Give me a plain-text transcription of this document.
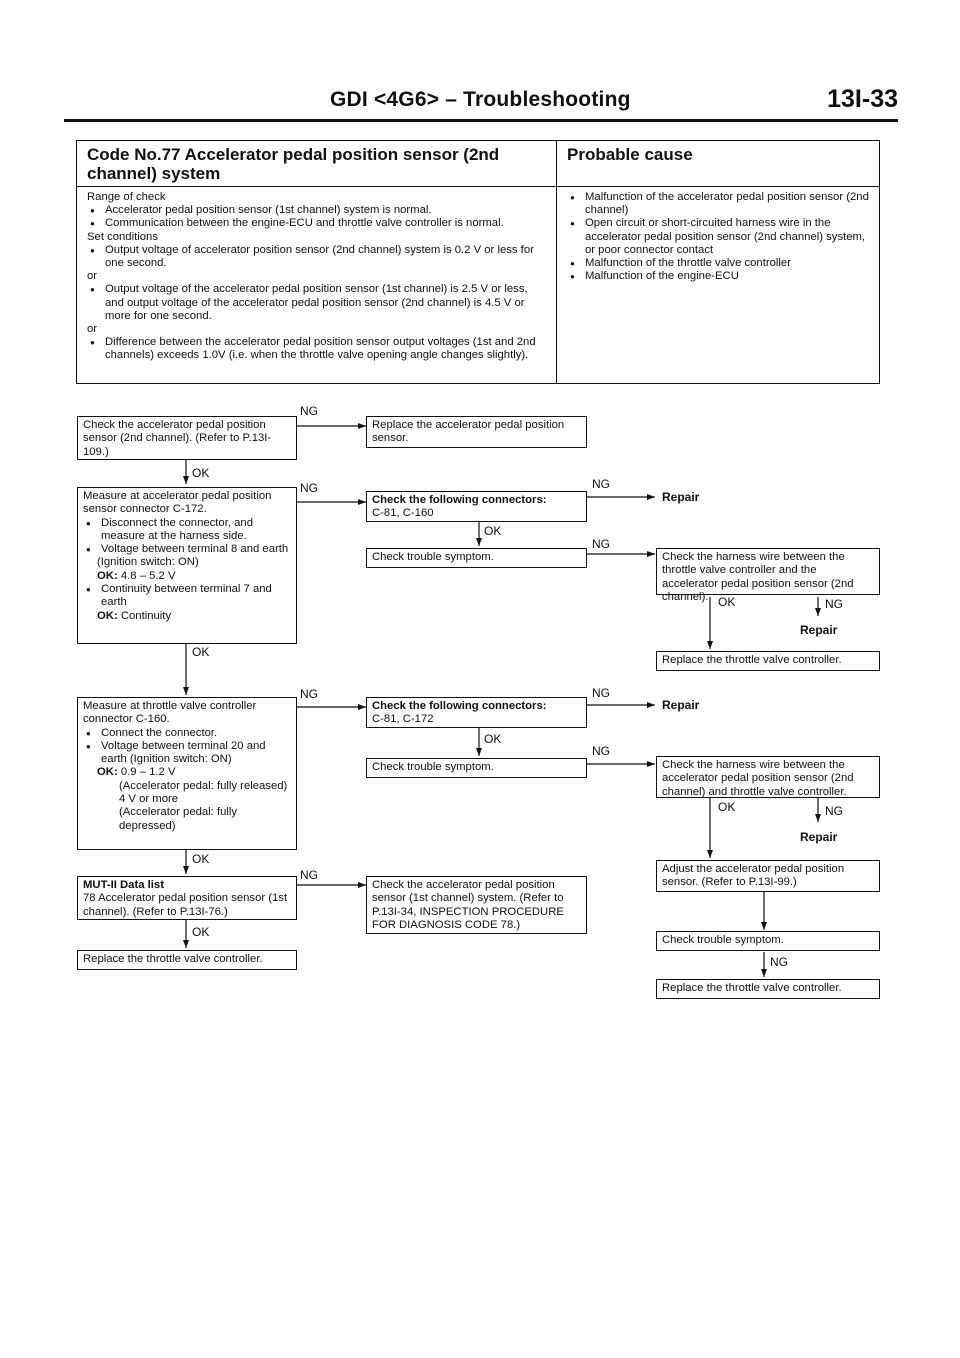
GDI <4G6> – Troubleshooting	13I-33
Code No.77 Accelerator pedal position sensor (2nd channel) system
Probable cause
Range of check
● Accelerator pedal position sensor (1st channel) system is normal.
● Communication between the engine-ECU and throttle valve controller is normal.
Set conditions
● Output voltage of accelerator position sensor (2nd channel) system is 0.2 V or less for one second.
or
● Output voltage of the accelerator pedal position sensor (1st channel) is 2.5 V or less, and output voltage of the accelerator pedal position sensor (2nd channel) is 4.5 V or more for one second.
or
● Difference between the accelerator pedal position sensor output voltages (1st and 2nd channels) exceeds 1.0V (i.e. when the throttle valve opening angle changes slightly).
● Malfunction of the accelerator pedal position sensor (2nd channel)
● Open circuit or short-circuited harness wire in the accelerator pedal position sensor (2nd channel) system, or poor connector contact
● Malfunction of the throttle valve controller
● Malfunction of the engine-ECU
NG
OK
NG	NG
OK
NG
OK	NG
OK
NG	NG
OK
NG
OK	NG
OK
NG
OK
NG
Repair
Repair
Repair
Repair
Check the accelerator pedal position sensor (2nd channel). (Refer to P.13I-109.)
Measure at accelerator pedal position sensor connector C-172.
● Disconnect the connector, and measure at the harness side.
● Voltage between terminal 8 and earth
(Ignition switch: ON)
OK: 4.8 – 5.2 V
● Continuity between terminal 7 and earth
OK: Continuity
Measure at throttle valve controller connector C-160.
● Connect the connector.
● Voltage between terminal 20 and earth (Ignition switch: ON)
OK: 0.9 – 1.2 V
(Accelerator pedal: fully released)
4 V or more
(Accelerator pedal: fully depressed)
MUT-II Data list
78 Accelerator pedal position sensor (1st channel). (Refer to P.13I-76.)
Replace the throttle valve controller.
Replace the accelerator pedal position sensor.
Check the following connectors:
C-81, C-160
Check trouble symptom.
Check the following connectors:
C-81, C-172
Check trouble symptom.
Check the accelerator pedal position sensor (1st channel) system. (Refer to P.13I-34, INSPECTION PROCEDURE FOR DIAGNOSIS CODE 78.)
Check the harness wire between the throttle valve controller and the accelerator pedal position sensor (2nd channel).
Replace the throttle valve controller.
Check the harness wire between the accelerator pedal position sensor (2nd channel) and throttle valve controller.
Adjust the accelerator pedal position sensor. (Refer to P.13I-99.)
Check trouble symptom.
Replace the throttle valve controller.
